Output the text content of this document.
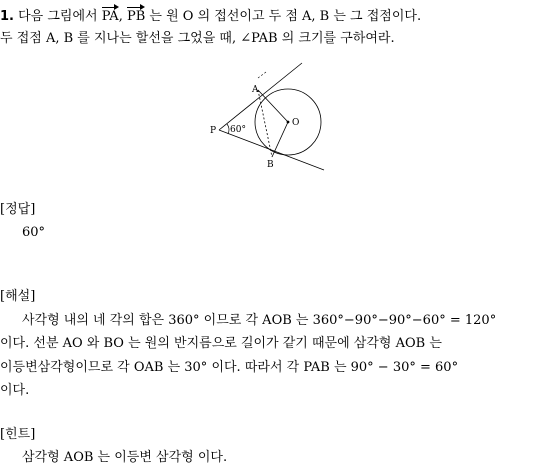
1. 다음 그림에서 PA, PB 는 원 O 의 접선이고 두 점 A, B 는 그 접점이다.
두 접점 A, B 를 지나는 할선을 그었을 때, ∠PAB 의 크기를 구하여라.
P
A
B
O
60°
[정답]
60°
[해설]
사각형 내의 네 각의 합은 360° 이므로 각 AOB 는 360°−90°−90°−60° = 120°
이다. 선분 AO 와 BO 는 원의 반지름으로 길이가 같기 때문에 삼각형 AOB 는
이등변삼각형이므로 각 OAB 는 30° 이다. 따라서 각 PAB 는 90° − 30° = 60°
이다.
[힌트]
삼각형 AOB 는 이등변 삼각형 이다.
